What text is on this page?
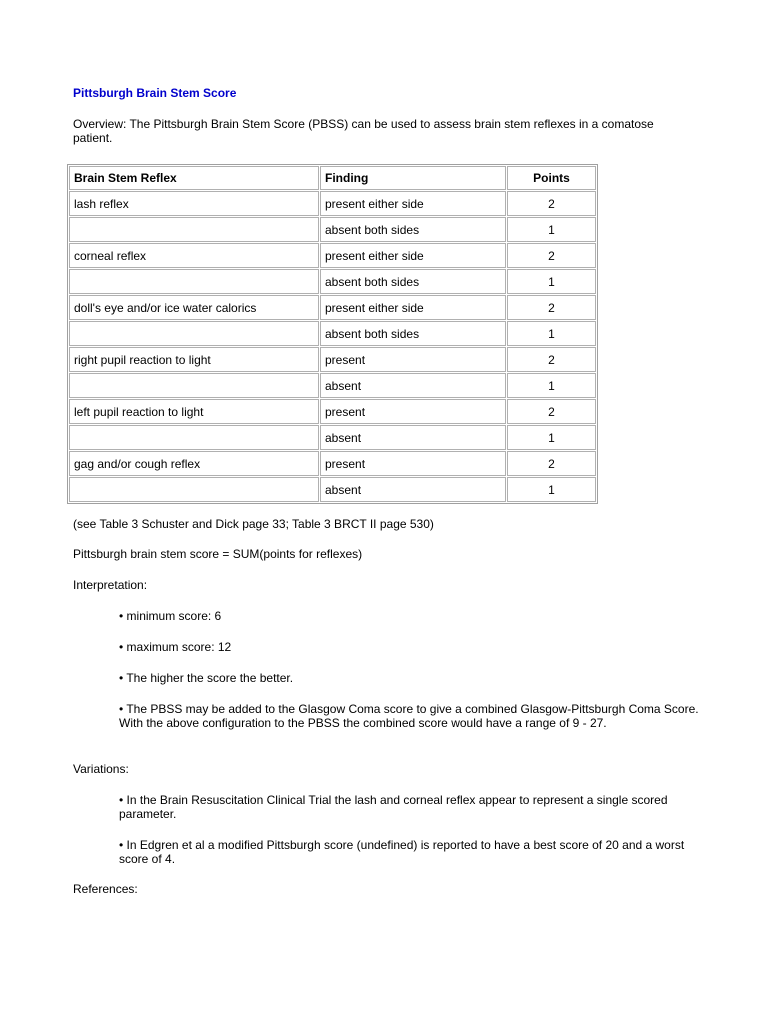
Pittsburgh Brain Stem Score
Overview: The Pittsburgh Brain Stem Score (PBSS) can be used to assess brain stem reflexes in a comatose patient.
Brain Stem Reflex	Finding	Points
lash reflex	present either side	2
	absent both sides	1
corneal reflex	present either side	2
	absent both sides	1
doll's eye and/or ice water calorics	present either side	2
	absent both sides	1
right pupil reaction to light	present	2
	absent	1
left pupil reaction to light	present	2
	absent	1
gag and/or cough reflex	present	2
	absent	1
(see Table 3 Schuster and Dick page 33; Table 3 BRCT II page 530)
Pittsburgh brain stem score = SUM(points for reflexes)
Interpretation:
• minimum score: 6
• maximum score: 12
• The higher the score the better.
• The PBSS may be added to the Glasgow Coma score to give a combined Glasgow-Pittsburgh Coma Score. With the above configuration to the PBSS the combined score would have a range of 9 - 27.
Variations:
• In the Brain Resuscitation Clinical Trial the lash and corneal reflex appear to represent a single scored parameter.
• In Edgren et al a modified Pittsburgh score (undefined) is reported to have a best score of 20 and a worst score of 4.
References:
